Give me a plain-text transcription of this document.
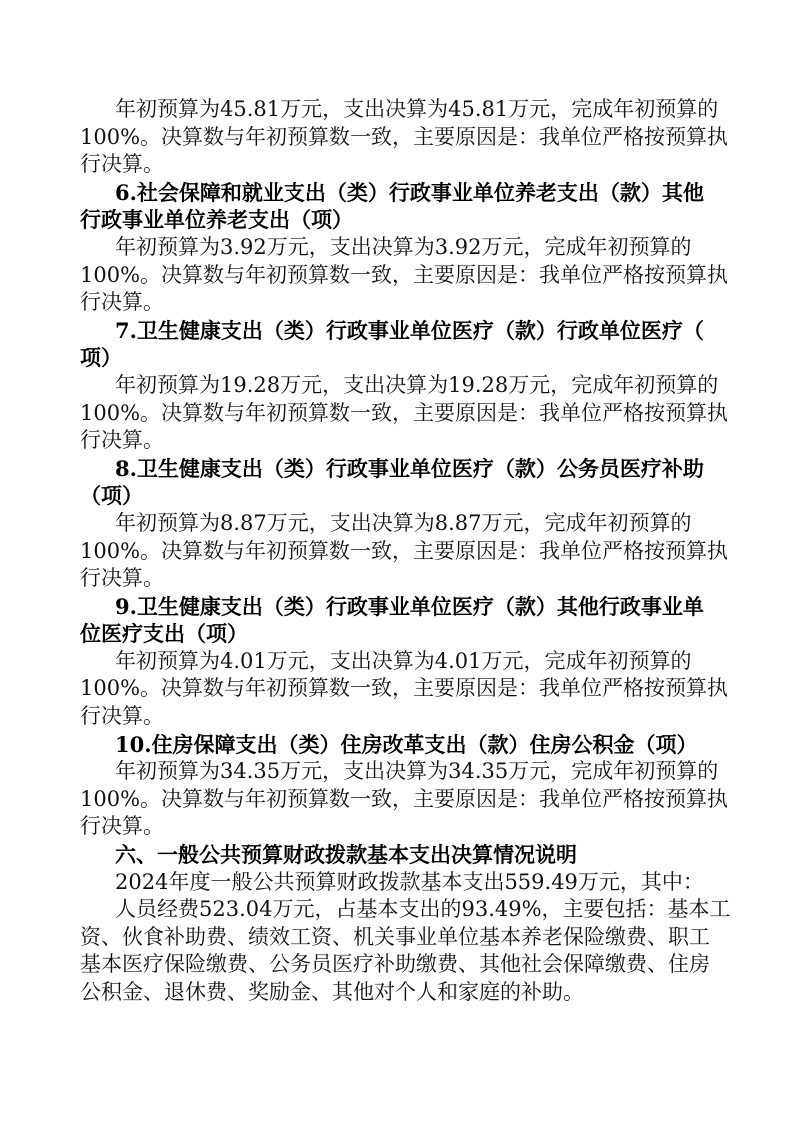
年初预算为45.81万元，支出决算为45.81万元，完成年初预算的
100%。决算数与年初预算数一致，主要原因是：我单位严格按预算执
行决算。
6.社会保障和就业支出（类）行政事业单位养老支出（款）其他
行政事业单位养老支出（项）
年初预算为3.92万元，支出决算为3.92万元，完成年初预算的
100%。决算数与年初预算数一致，主要原因是：我单位严格按预算执
行决算。
7.卫生健康支出（类）行政事业单位医疗（款）行政单位医疗（
项）
年初预算为19.28万元，支出决算为19.28万元，完成年初预算的
100%。决算数与年初预算数一致，主要原因是：我单位严格按预算执
行决算。
8.卫生健康支出（类）行政事业单位医疗（款）公务员医疗补助
（项）
年初预算为8.87万元，支出决算为8.87万元，完成年初预算的
100%。决算数与年初预算数一致，主要原因是：我单位严格按预算执
行决算。
9.卫生健康支出（类）行政事业单位医疗（款）其他行政事业单
位医疗支出（项）
年初预算为4.01万元，支出决算为4.01万元，完成年初预算的
100%。决算数与年初预算数一致，主要原因是：我单位严格按预算执
行决算。
10.住房保障支出（类）住房改革支出（款）住房公积金（项）
年初预算为34.35万元，支出决算为34.35万元，完成年初预算的
100%。决算数与年初预算数一致，主要原因是：我单位严格按预算执
行决算。
六、一般公共预算财政拨款基本支出决算情况说明
2024年度一般公共预算财政拨款基本支出559.49万元，其中：
人员经费523.04万元，占基本支出的93.49%，主要包括：基本工
资、伙食补助费、绩效工资、机关事业单位基本养老保险缴费、职工
基本医疗保险缴费、公务员医疗补助缴费、其他社会保障缴费、住房
公积金、退休费、奖励金、其他对个人和家庭的补助。
